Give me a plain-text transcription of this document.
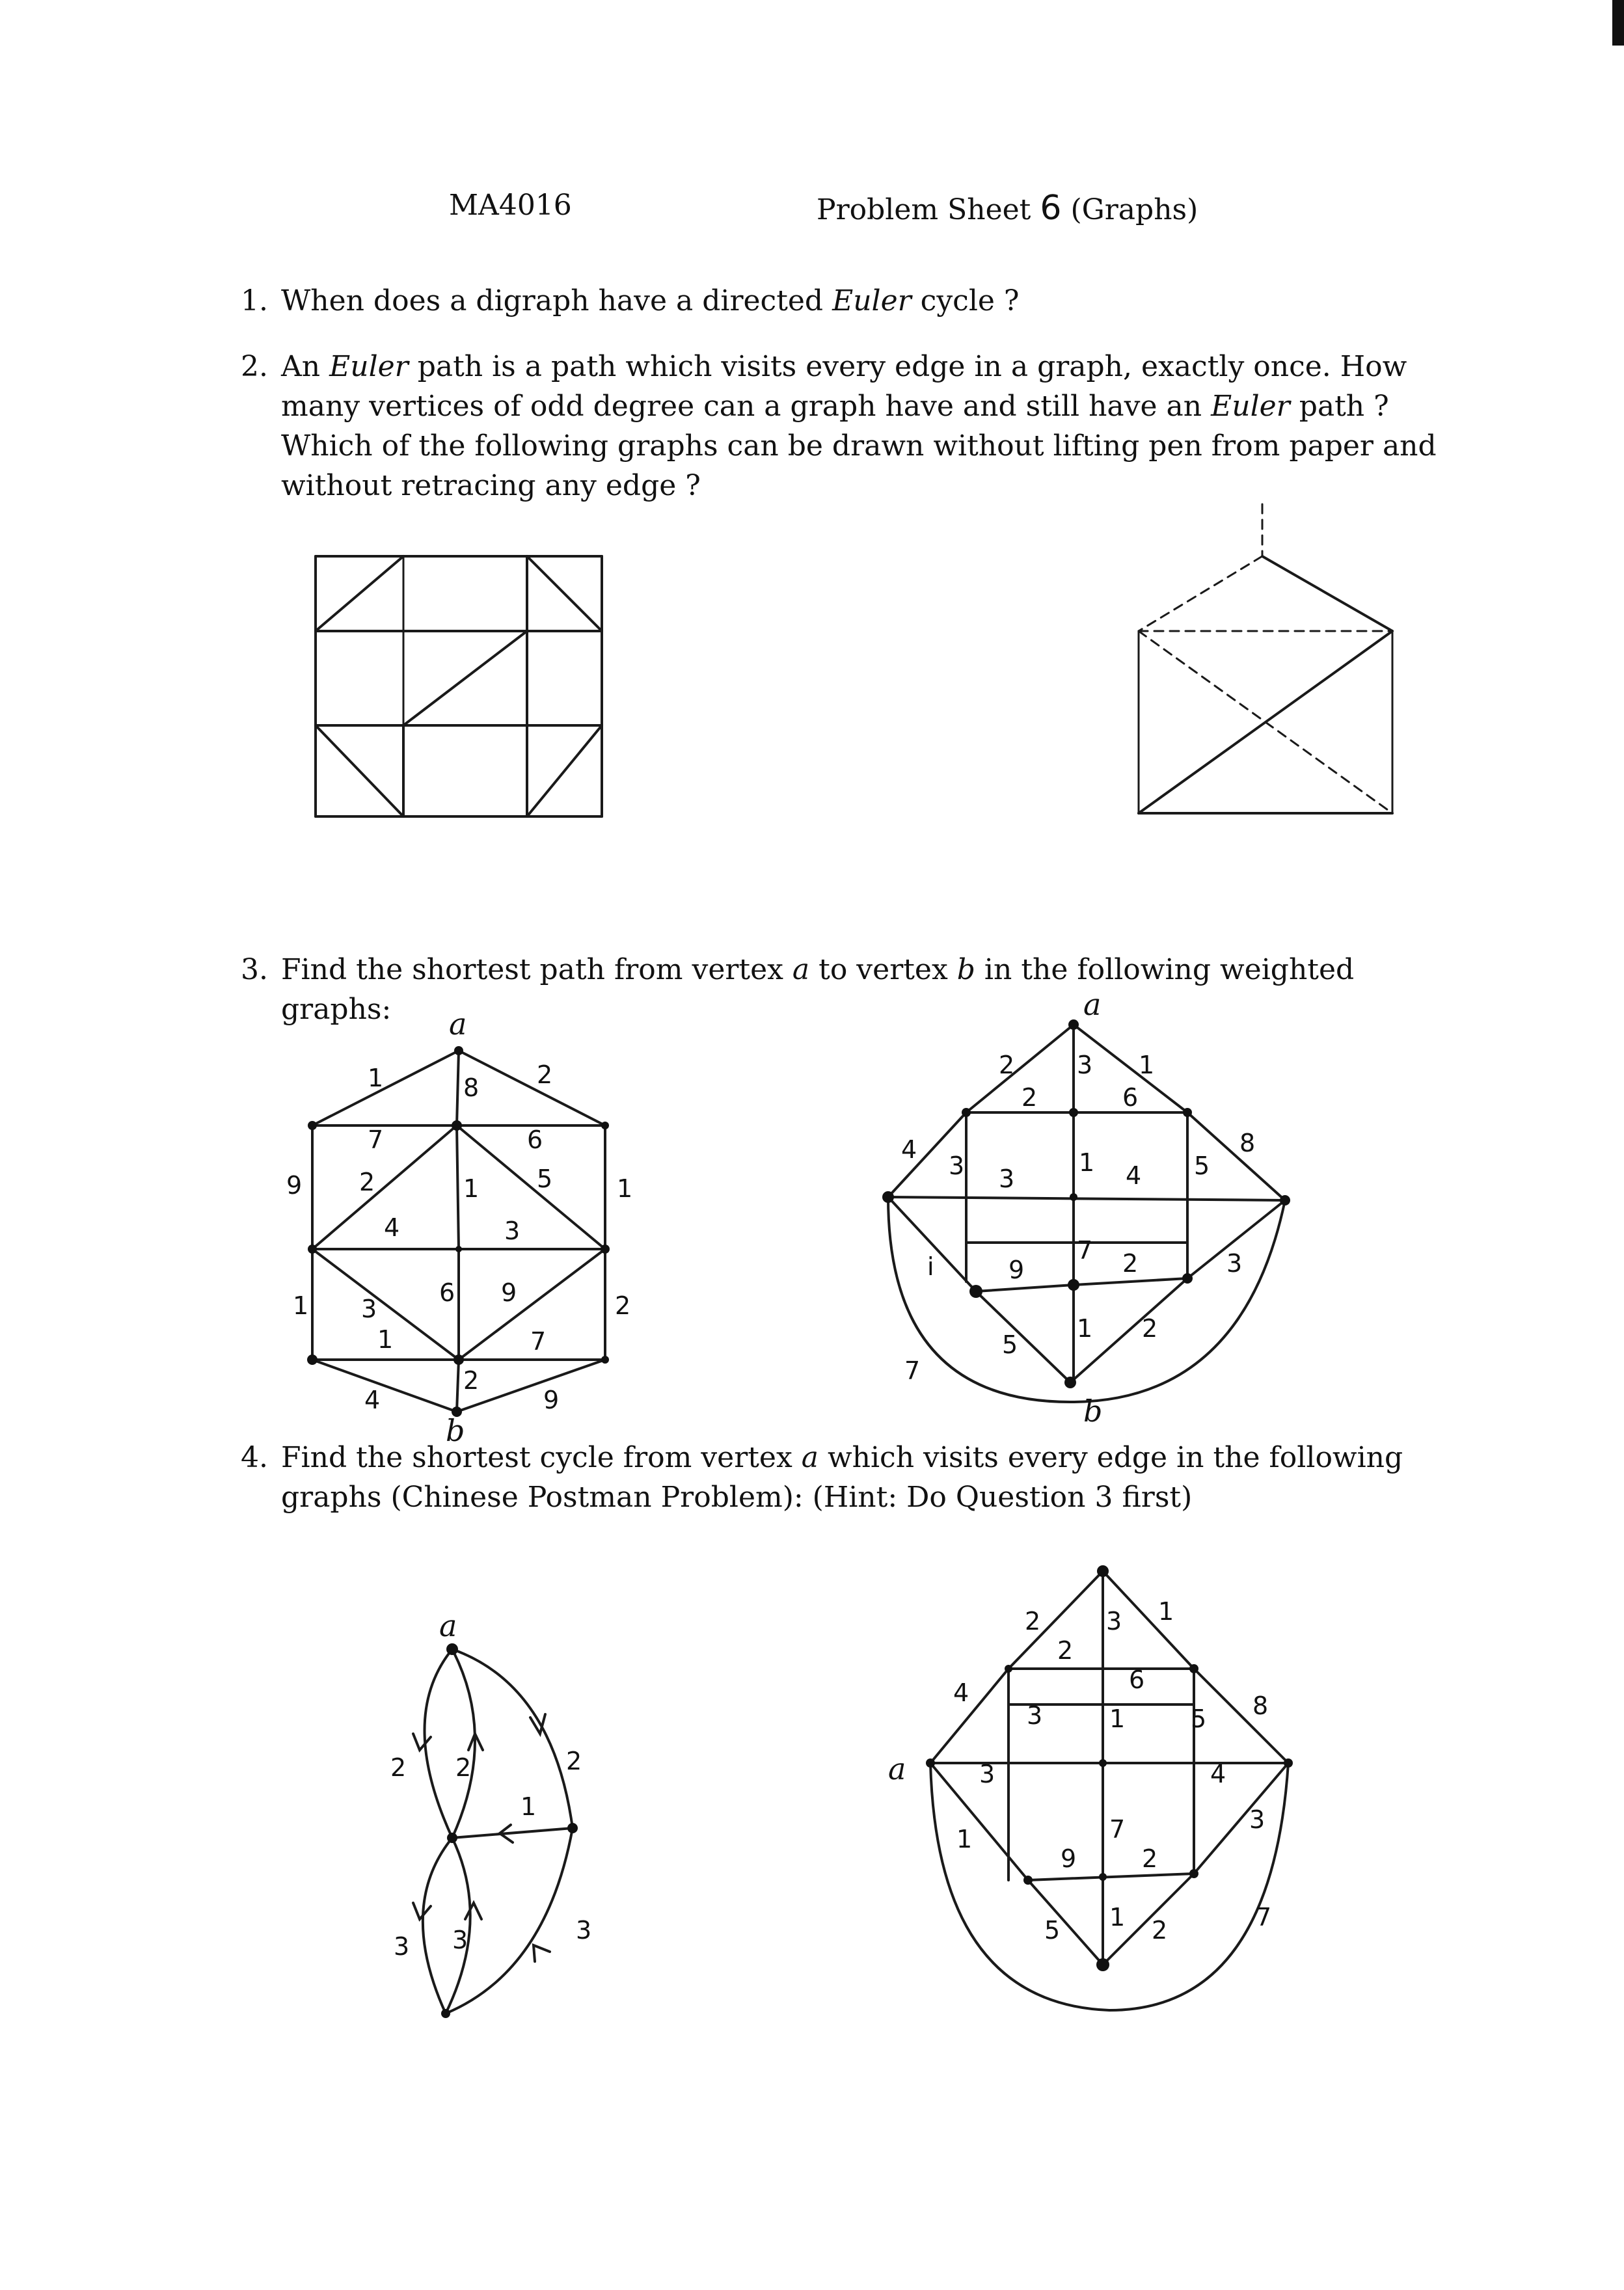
MA4016	Problem Sheet 6 (Graphs)
1. When does a digraph have a directed Euler cycle ?

2. An Euler path is a path which visits every edge in a graph, exactly once. How many vertices of odd degree can a graph have and still have an Euler path ?

Which of the following graphs can be drawn without lifting pen from paper and without retracing any edge ?

3. Find the shortest path from vertex a to vertex b in the following weighted graphs:	a
b
1	2
8
7	6
9 2	1 5	1
4	3
1 3
6 9	2
1	7
2
4	9
a
b
2	3 1
2	6
4
3 3
1
4
5
8
i	9
7 2	3
5
1 2
7
4. Find the shortest cycle from vertex a which visits every edge in the following graphs (Chinese Postman Problem): (Hint: Do Question 3 first)

a
2 2	2
1
3 3	3
a
2	3 1
2
6
4
3	1	5 8
3	4
1	7
9	2
1
3
5	2	7
